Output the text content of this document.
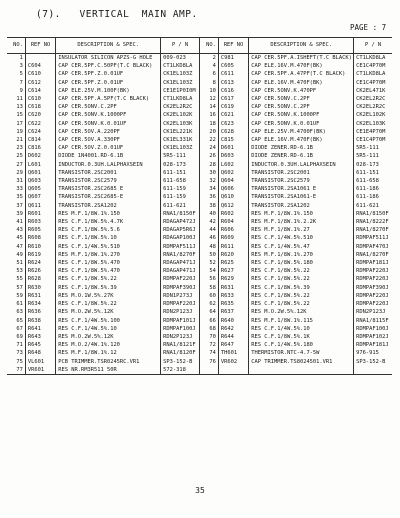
(7).   VERTICAL  MAIN AMP.
PAGE : 7
NO.	REF NO	DESCRIPTION & SPEC.	P / N	NO.	REF NO	DESCRIPTION & SPEC.	P / N
1		INSULATOR SILICON APZS-G HOLE	009-023	2	C981	CAP CER.5PF.A.ISHEFT(T.C BLACK)	CT1LKD8LA
3	C604	CAP CER.5PF.C.50PF(T.C BLACK)	CT1LKD8LA	4	C605	CAP ELE.16V.M.470F(BK)	CE1C4P70M
5	C610	CAP CER.5PF.Z.0.01UF	CK1EL103Z	6	C611	CAP CER.5PF.A.47PF(T.C BLACK)	CT1LKD8LA
7	C612	CAP CER.5PF.Z.0.01UF	CK1EL103Z	8	C613	CAP ELE.16V.M.470F(BK)	CE1C4P70M
9	C614	CAP ELE.25V.M.100F(BK)	CE1E1P0I0M	10	C616	CAP CER.5ONV.K.470PF	CK2EL471K
11	C610	CAP CER.5PF.A.5PF(T.C BLACK)	CT1LKD8LA	12	C617	CAP CER.5ONV.C.2PF	CK2EL2R2C
13	C618	CAP CER.5ONV.C.2PF	CK2EL2R2C	14	C619	CAP CER.5ONV.C.2PF	CK2EL2R2C
15	C620	CAP CER.5ONV.K.1000PF	CK2EL102K	16	C621	CAP CER.5ONV.K.1000PF	CK2EL102K
17	C622	CAP CER.5ONV.K.0.01UF	CK2EL103K	18	C623	CAP CER.5ONV.K.0.01UF	CK2EL103K
19	C624	CAP CER.5OV.A.220PF	CK1EL221K	20	C628	CAP ELE.25V.M.4700F(BK)	CE1E4P70M
21	C814	CAP CER.5OV.A.330PF	CK1EL331K	22	C815	CAP ELE.16V.M.470F(BK)	CE1C4P70M
23	C816	CAP CER.5OV.Z.0.01UF	CK1EL103Z	24	D601	DIODE ZENER.RD-6.1B	5R5-111
25	D602	DIODE 1N4001.RD-6.1B	5R5-111	26	D603	DIODE ZENER.RD-6.1B	5R5-111
27	L601	INDUCTOR.0.3UH.LALPHAXSEIN	028-173	28	L602	INDUCTOR.0.3UH.LALPHAXSEIN	028-173
29	Q601	TRANSISTOR.2SC2001	611-151	30	Q602	TRANSISTOR.2SC2001	611-151
31	Q603	TRANSISTOR.2SC2579	611-658	32	Q604	TRANSISTOR.2SC2579	611-658
33	Q605	TRANSISTOR.2SC2685 E	611-159	34	Q606	TRANSISTOR.2SA1061 E	611-186
35	Q607	TRANSISTOR.2SC2685-E	611-159	36	Q610	TRANSISTOR.2SA1061-E	611-186
37	Q611	TRANSISTOR.2SA1202	611-621	38	Q612	TRANSISTOR.2SA1202	611-621
39	R601	RES M.F.1/8W.1%.150	RNA1/8150F	40	R602	RES M.F.1/8W.1%.150	RNA1/8150F
41	R603	RES C.F.1/8W.5%.4.7K	RDAGAP472J	42	R604	RES M.F.1/8W.1%.2.2K	RNA1/8222F
43	R605	RES C.F.1/8W.5%.5.6	RDAGAP5R6J	44	R606	RES M.F.1/8W.1%.27	RNA1/8270F
45	R608	RES C.F.1/8W.5%.10	RDAGAP100J	46	R609	RES C.F.1/4W.5%.510	RDMPAF511J
47	R610	RES C.F.1/4W.5%.510	RDMPAF511J	48	R611	RES C.F.1/4W.5%.47	RDMPAF470J
49	R619	RES M.F.1/8W.1%.270	RNA1/8270F	50	R620	RES M.F.1/8W.1%.270	RNA1/8270F
51	R624	RES C.F.1/8W.5%.470	RDAGAP471J	52	R625	RES C.F.1/8W.5%.180	RDMPAF181J
53	R626	RES C.F.1/8W.5%.470	RDAGAP471J	54	R627	RES C.F.1/8W.5%.22	RDMPAF220J
55	R628	RES C.F.1/8W.5%.22	RDMPAF220J	56	R629	RES C.F.1/8W.5%.22	RDMPAF220J
57	R630	RES C.F.1/8W.5%.39	RDMPAF390J	58	R631	RES C.F.1/8W.5%.39	RDMPAF390J
59	R631	RES M.O.1W.5%.27K	RDN1P273J	60	R633	RES C.F.1/8W.5%.22	RDMPAF220J
61	R634	RES C.F.1/8W.5%.22	RDMPAF220J	62	R635	RES C.F.1/8W.5%.22	RDMPAF220J
63	R636	RES M.O.2W.5%.12K	RDN2P123J	64	R637	RES M.O.2W.5%.12K	RDN2P123J
65	R638	RES C.F.1/4W.5%.100	RDMPAF101J	66	R640	RES M.F.1/8W.1%.115	RNA1/8115F
67	R641	RES C.F.1/4W.5%.10	RDMPAF100J	68	R642	RES C.F.1/4W.5%.10	RDMPAF100J
69	R643	RES M.O.2W.5%.12K	RDN2P123J	70	R644	RES C.F.1/8W.5%.1K	RDMPAF102J
71	R645	RES M.O.2/4W.1%.120	RNA1/8121F	72	R647	RES C.F.1/4W.5%.180	RDMPAF181J
73	R648	RES M.F.1/8W.1%.12	RNA1/8120F	74	TH601	THERMISTOR.NTC-4.7-5W	976-915
75	VL601	PCB TRIMMER.TSR0245RC.VR1	SP3-152-B	76	VR602	CAP TRIMMER.TS8024501.VR1	SP3-152-B
77	VR601	RES NR.RM3R511 50R	572-318				
35
